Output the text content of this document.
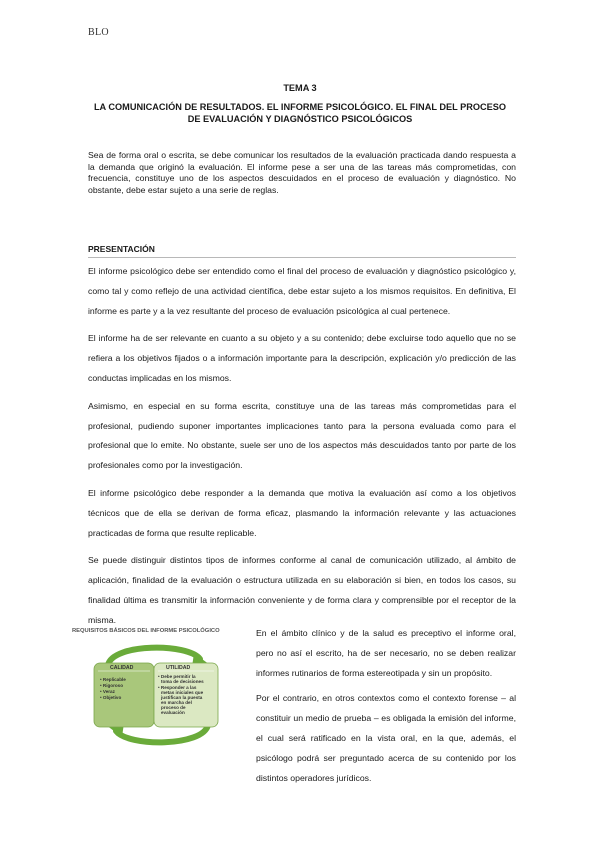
BLO
TEMA 3
LA COMUNICACIÓN DE RESULTADOS. EL INFORME PSICOLÓGICO. EL FINAL DEL PROCESO
DE EVALUACIÓN Y DIAGNÓSTICO PSICOLÓGICOS
Sea de forma oral o escrita, se debe comunicar los resultados de la evaluación practicada dando respuesta a la demanda que originó la evaluación. El informe pese a ser una de las tareas más comprometidas, con frecuencia, constituye uno de los aspectos descuidados en el proceso de evaluación y diagnóstico. No obstante, debe estar sujeto a una serie de reglas.
PRESENTACIÓN

El informe psicológico debe ser entendido como el final del proceso de evaluación y diagnóstico psicológico y, como tal y como reflejo de una actividad científica, debe estar sujeto a los mismos requisitos. En definitiva, El informe es parte y a la vez resultante del proceso de evaluación psicológica al cual pertenece.

El informe ha de ser relevante en cuanto a su objeto y a su contenido; debe excluirse todo aquello que no se refiera a los objetivos fijados o a información importante para la descripción, explicación y/o predicción de las conductas implicadas en los mismos.

Asimismo, en especial en su forma escrita, constituye una de las tareas más comprometidas para el profesional, pudiendo suponer importantes implicaciones tanto para la persona evaluada como para el profesional que lo emite. No obstante, suele ser uno de los aspectos más descuidados tanto por parte de los profesionales como por la investigación.

El informe psicológico debe responder a la demanda que motiva la evaluación así como a los objetivos técnicos que de ella se derivan de forma eficaz, plasmando la información relevante y las actuaciones practicadas de forma que resulte replicable.

Se puede distinguir distintos tipos de informes conforme al canal de comunicación utilizado, al ámbito de aplicación, finalidad de la evaluación o estructura utilizada en su elaboración si bien, en todos los casos, su finalidad última es transmitir la información conveniente y de forma clara y comprensible por el receptor de la misma.

REQUISITOS BÁSICOS DEL INFORME PSICOLÓGICO
CALIDAD	UTILIDAD
• Replicable
• Rigoroso
• Veraz
• Objetivo
• Debe permitir la
toma de decisiones
• Responder a las
metas iniciales que
justifican la puesta
en marcha del
proceso de
evaluación

En el ámbito clínico y de la salud es preceptivo el informe oral, pero no así el escrito, ha de ser necesario, no se deben realizar informes rutinarios de forma estereotipada y sin un propósito.

Por el contrario, en otros contextos como el contexto forense – al constituir un medio de prueba – es obligada la emisión del informe, el cual será ratificado en la vista oral, en la que, además, el psicólogo podrá ser preguntado acerca de su contenido por los distintos operadores jurídicos.
